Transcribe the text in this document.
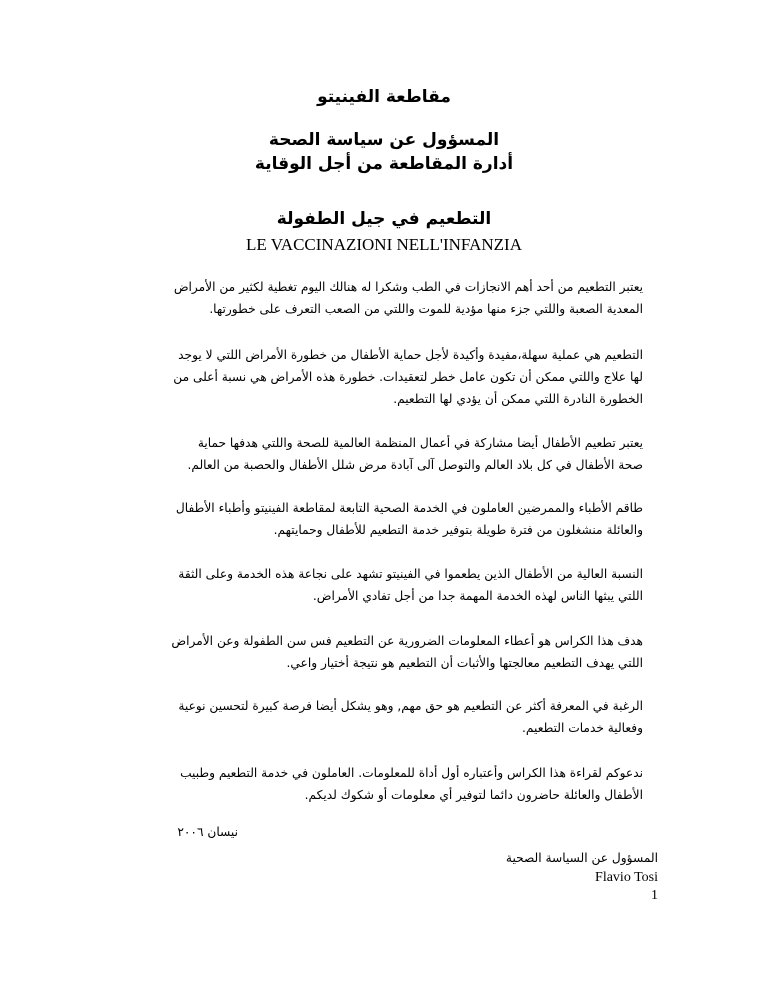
مقاطعة الفينيتو
المسؤول عن سياسة الصحة
أدارة المقاطعة من أجل الوقاية
التطعيم في جيل الطفولة
LE VACCINAZIONI NELL'INFANZIA
يعتبر التطعيم من أحد أهم الانجازات في الطب وشكرا له هنالك اليوم تغطية لكثير من الأمراض
المعدية الصعبة واللتي جزء منها مؤدية للموت واللتي من الصعب التعرف على خطورتها.
التطعيم هي عملية سهلة،مفيدة وأكيدة لأجل حماية الأطفال من خطورة الأمراض اللتي لا يوجد
لها علاج واللتي ممكن أن تكون عامل خطر لتعقيدات. خطورة هذه الأمراض هي نسبة أعلى من
الخطورة النادرة اللتي ممكن أن يؤدي لها التطعيم.
يعتبر تطعيم الأطفال أيضا مشاركة في أعمال المنظمة العالمية للصحة واللتي هدفها حماية
صحة الأطفال في كل بلاد العالم والتوصل آلى آبادة مرض شلل الأطفال والحصبة من العالم.
طاقم الأطباء والممرضين العاملون في الخدمة الصحية التابعة لمقاطعة الفينيتو وأطباء الأطفال
والعائلة منشغلون من فترة طويلة بتوفير خدمة التطعيم للأطفال وحمايتهم.
النسبة العالية من الأطفال الذين يطعموا في الفينيتو تشهد على نجاعة هذه الخدمة وعلى الثقة
اللتي يبثها الناس لهذه الخدمة المهمة جدا من أجل تفادي الأمراض.
هدف هذا الكراس هو أعطاء المعلومات الضرورية عن التطعيم فس سن الطفولة وعن الأمراض
اللتي يهدف التطعيم معالجتها والأثبات أن التطعيم هو نتيجة أختيار واعي.
الرغبة في المعرفة أكثر عن التطعيم هو حق مهم, وهو يشكل أيضا فرصة كبيرة لتحسين نوعية
وفعالية خدمات التطعيم.
ندعوكم لقراءة هذا الكراس وأعتباره أول أداة للمعلومات. العاملون في خدمة التطعيم وطبيب
الأطفال والعائلة حاضرون دائما لتوفير أي معلومات أو شكوك لديكم.
نيسان ٢٠٠٦
المسؤول عن السياسة الصحية
Flavio Tosi
1
